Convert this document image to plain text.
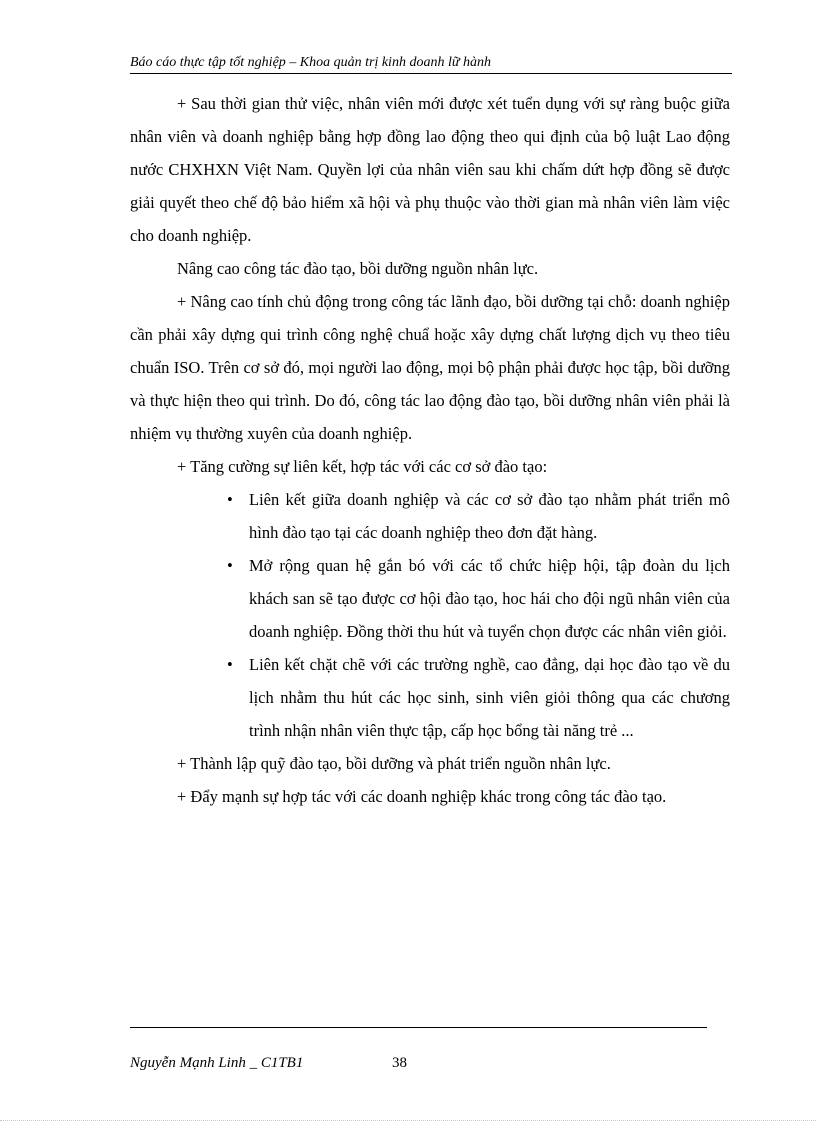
Báo cáo thực tập tốt nghiệp – Khoa quản trị kinh doanh lữ hành

+ Sau thời gian thử việc, nhân viên mới được xét tuển dụng với sự ràng buộc giữa nhân viên và doanh nghiệp bằng hợp đồng lao động theo qui định của bộ luật Lao động nước CHXHXN Việt Nam. Quyền lợi của nhân viên sau khi chấm dứt hợp đồng sẽ được giải quyết theo chế độ bảo hiểm xã hội và phụ thuộc vào thời gian mà nhân viên làm việc cho doanh nghiệp.

Nâng cao công tác đào tạo, bồi dưỡng nguồn nhân lực.

+ Nâng cao tính chủ động trong công tác lãnh đạo, bồi dưỡng tại chỗ: doanh nghiệp cần phải xây dựng qui trình công nghệ chuẩ hoặc xây dựng chất lượng dịch vụ theo tiêu chuẩn ISO. Trên cơ sở đó, mọi người lao động, mọi bộ phận phải được học tập, bồi dưỡng và thực hiện theo qui trình. Do đó, công tác lao động đào tạo, bồi dưỡng nhân viên phải là nhiệm vụ thường xuyên của doanh nghiệp.

+ Tăng cường sự liên kết, hợp tác với các cơ sở đào tạo:

• Liên kết giữa doanh nghiệp và các cơ sở đào tạo nhằm phát triển mô hình đào tạo tại các doanh nghiệp theo đơn đặt hàng.
• Mở rộng quan hệ gắn bó với các tổ chức hiệp hội, tập đoàn du lịch khách san sẽ tạo được cơ hội đào tạo, hoc hái cho đội ngũ nhân viên của doanh nghiệp. Đồng thời thu hút và tuyển chọn được các nhân viên giỏi.
• Liên kết chặt chẽ với các trường nghề, cao đẳng, dại học đào tạo về du lịch nhằm thu hút các học sinh, sinh viên giỏi thông qua các chương trình nhận nhân viên thực tập, cấp học bổng tài năng trẻ ...

+ Thành lập quỹ đào tạo, bồi dưỡng và phát triển nguồn nhân lực.

+ Đẩy mạnh sự hợp tác với các doanh nghiệp khác trong công tác đào tạo.

Nguyễn Mạnh Linh _ C1TB1	38
